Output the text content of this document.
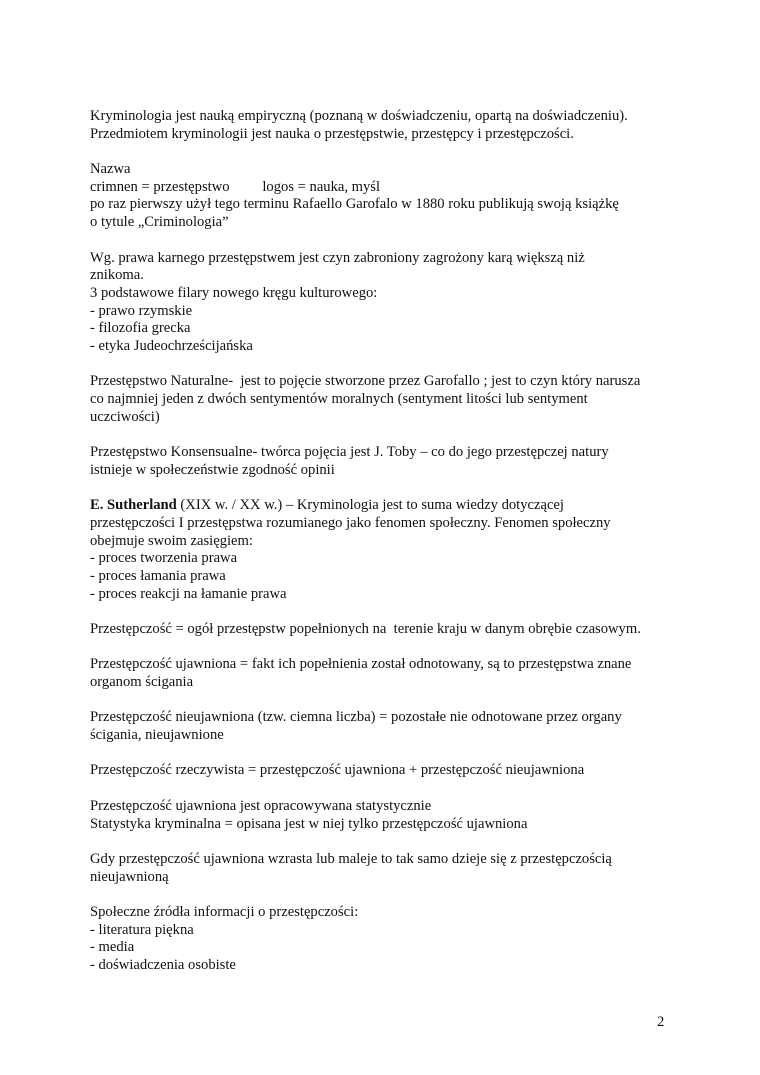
Kryminologia jest nauką empiryczną (poznaną w doświadczeniu, opartą na doświadczeniu).
Przedmiotem kryminologii jest nauka o przestępstwie, przestępcy i przestępczości.
Nazwa
crimnen = przestępstwo         logos = nauka, myśl
po raz pierwszy użył tego terminu Rafaello Garofalo w 1880 roku publikują swoją książkę
o tytule „Criminologia”
Wg. prawa karnego przestępstwem jest czyn zabroniony zagrożony karą większą niż
znikoma.
3 podstawowe filary nowego kręgu kulturowego:
- prawo rzymskie
- filozofia grecka
- etyka Judeochrześcijańska
Przestępstwo Naturalne-  jest to pojęcie stworzone przez Garofallo ; jest to czyn który narusza
co najmniej jeden z dwóch sentymentów moralnych (sentyment litości lub sentyment
uczciwości)
Przestępstwo Konsensualne- twórca pojęcia jest J. Toby – co do jego przestępczej natury
istnieje w społeczeństwie zgodność opinii
E. Sutherland (XIX w. / XX w.) – Kryminologia jest to suma wiedzy dotyczącej
przestępczości I przestępstwa rozumianego jako fenomen społeczny. Fenomen społeczny
obejmuje swoim zasięgiem:
- proces tworzenia prawa
- proces łamania prawa
- proces reakcji na łamanie prawa
Przestępczość = ogół przestępstw popełnionych na  terenie kraju w danym obrębie czasowym.
Przestępczość ujawniona = fakt ich popełnienia został odnotowany, są to przestępstwa znane
organom ścigania
Przestępczość nieujawniona (tzw. ciemna liczba) = pozostałe nie odnotowane przez organy
ścigania, nieujawnione
Przestępczość rzeczywista = przestępczość ujawniona + przestępczość nieujawniona
Przestępczość ujawniona jest opracowywana statystycznie
Statystyka kryminalna = opisana jest w niej tylko przestępczość ujawniona
Gdy przestępczość ujawniona wzrasta lub maleje to tak samo dzieje się z przestępczością
nieujawnioną
Społeczne źródła informacji o przestępczości:
- literatura piękna
- media
- doświadczenia osobiste
2
